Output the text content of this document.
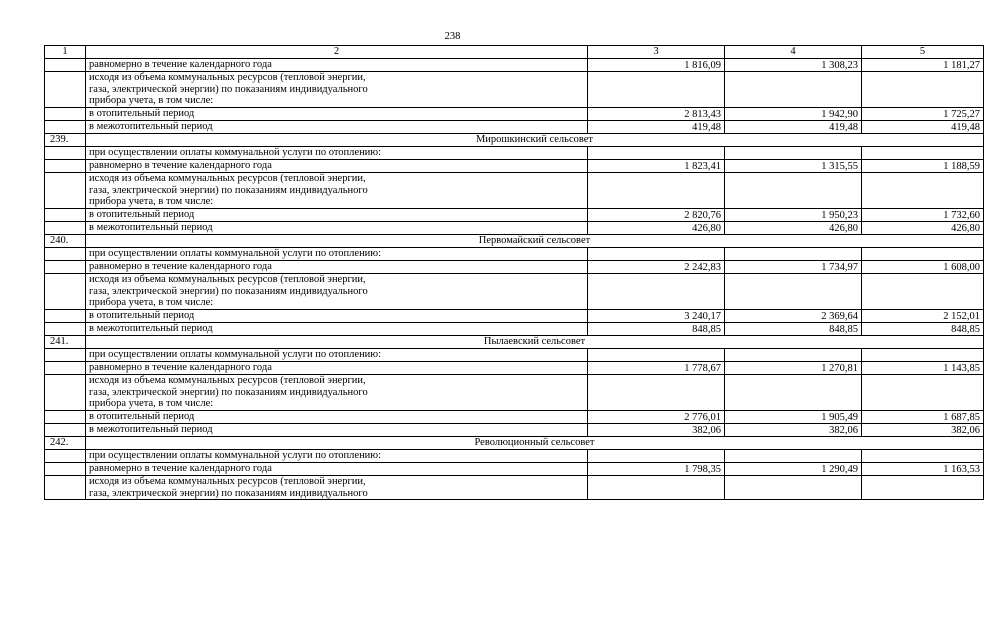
238
1	2	3	4	5
	равномерно в течение календарного года	1 816,09	1 308,23	1 181,27

	исходя из объема коммунальных ресурсов (тепловой энергии,
газа, электрической энергии) по показаниям индивидуального
прибора учета, в том числе:			

	в отопительный период	2 813,43	1 942,90	1 725,27
	в межотопительный период	419,48	419,48	419,48
239.	Мирошкинский сельсовет			
	при осуществлении оплаты коммунальной услуги по отоплению:			
	равномерно в течение календарного года	1 823,41	1 315,55	1 188,59

	исходя из объема коммунальных ресурсов (тепловой энергии,
газа, электрической энергии) по показаниям индивидуального
прибора учета, в том числе:			

	в отопительный период	2 820,76	1 950,23	1 732,60
	в межотопительный период	426,80	426,80	426,80
240.	Первомайский сельсовет			
	при осуществлении оплаты коммунальной услуги по отоплению:			
	равномерно в течение календарного года	2 242,83	1 734,97	1 608,00

	исходя из объема коммунальных ресурсов (тепловой энергии,
газа, электрической энергии) по показаниям индивидуального
прибора учета, в том числе:			

	в отопительный период	3 240,17	2 369,64	2 152,01
	в межотопительный период	848,85	848,85	848,85
241.	Пылаевский сельсовет			
	при осуществлении оплаты коммунальной услуги по отоплению:			
	равномерно в течение календарного года	1 778,67	1 270,81	1 143,85

	исходя из объема коммунальных ресурсов (тепловой энергии,
газа, электрической энергии) по показаниям индивидуального
прибора учета, в том числе:			

	в отопительный период	2 776,01	1 905,49	1 687,85
	в межотопительный период	382,06	382,06	382,06
242.	Революционный сельсовет			
	при осуществлении оплаты коммунальной услуги по отоплению:			
	равномерно в течение календарного года	1 798,35	1 290,49	1 163,53

	исходя из объема коммунальных ресурсов (тепловой энергии,
газа, электрической энергии) по показаниям индивидуального			
